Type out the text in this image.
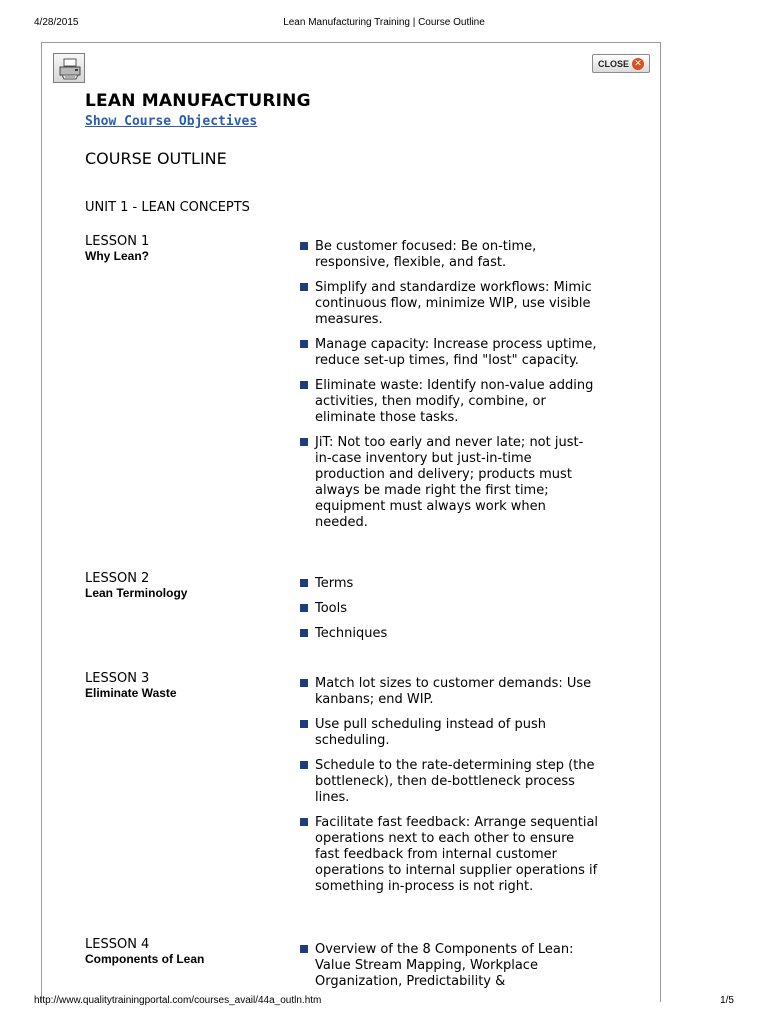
4/28/2015	Lean Manufacturing Training | Course Outline
CLOSE ✕
LEAN MANUFACTURING
Show Course Objectives
COURSE OUTLINE
UNIT 1 - LEAN CONCEPTS
LESSON 1
Why Lean?
Be customer focused: Be on-time, responsive, flexible, and fast.
Simplify and standardize workflows: Mimic continuous flow, minimize WIP, use visible measures.
Manage capacity: Increase process uptime, reduce set-up times, find "lost" capacity.
Eliminate waste: Identify non-value adding activities, then modify, combine, or eliminate those tasks.
JiT: Not too early and never late; not just-in-case inventory but just-in-time production and delivery; products must always be made right the first time; equipment must always work when needed.
LESSON 2
Lean Terminology
Terms
Tools
Techniques
LESSON 3
Eliminate Waste
Match lot sizes to customer demands: Use kanbans; end WIP.
Use pull scheduling instead of push scheduling.
Schedule to the rate-determining step (the bottleneck), then de-bottleneck process lines.
Facilitate fast feedback: Arrange sequential operations next to each other to ensure fast feedback from internal customer operations to internal supplier operations if something in-process is not right.
LESSON 4
Components of Lean
Overview of the 8 Components of Lean: Value Stream Mapping, Workplace Organization, Predictability &
http://www.qualitytrainingportal.com/courses_avail/44a_outln.htm	1/5
